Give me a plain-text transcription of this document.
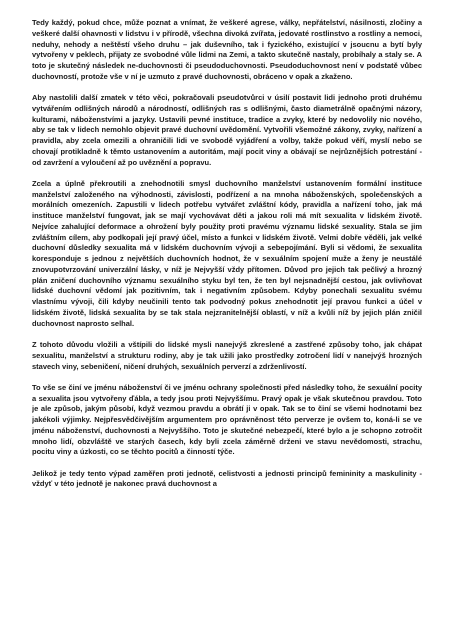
Tedy každý, pokud chce, může poznat a vnímat, že veškeré agrese, války, nepřátelství, násilnosti, zločiny a veškeré další ohavnosti v lidstvu i v přírodě, všechna divoká zvířata, jedovaté rostlinstvo a rostliny a nemoci, neduhy, nehody a neštěstí všeho druhu – jak duševního, tak i fyzického, existující v jsoucnu a bytí byly vytvořeny v peklech, přijaty ze svobodné vůle lidmi na Zemi, a takto skutečně nastaly, probíhaly a staly se. A toto je skutečný následek ne-duchovnosti či pseudoduchovnosti. Pseudoduchovnost není v podstatě vůbec duchovností, protože vše v ní je uzmuto z pravé duchovnosti, obráceno v opak a zkaženo.

Aby nastolili další zmatek v této věci, pokračovali pseudotvůrci v úsilí postavit lidi jednoho proti druhému vytvářením odlišných národů a národností, odlišných ras s odlišnými, často diametrálně opačnými názory, kulturami, náboženstvími a jazyky. Ustavili pevné instituce, tradice a zvyky, které by nedovolily nic nového, aby se tak v lidech nemohlo objevit pravé duchovní uvědomění. Vytvořili všemožné zákony, zvyky, nařízení a pravidla, aby zcela omezili a ohraničili lidi ve svobodě vyjádření a volby, takže pokud věří, myslí nebo se chovají protikladně k těmto ustanovením a autoritám, mají pocit viny a obávají se nejrůznějších potrestání - od zavržení a vyloučení až po uvěznění a popravu.

Zcela a úplně překroutili a znehodnotili smysl duchovního manželství ustanovením formální instituce manželství založeného na výhodnosti, závislosti, podřízení a na mnoha náboženských, společenských a morálních omezeních. Zapustili v lidech potřebu vytvářet zvláštní kódy, pravidla a nařízení toho, jak má instituce manželství fungovat, jak se mají vychovávat děti a jakou roli má mít sexualita v lidském životě. Nejvíce zahalující deformace a ohrožení byly použity proti pravému významu lidské sexuality. Stala se jim zvláštním cílem, aby podkopali její pravý účel, místo a funkci v lidském životě. Velmi dobře věděli, jak velké duchovní důsledky sexualita má v lidském duchovním vývoji a sebepojímání. Byli si vědomi, že sexualita koresponduje s jednou z největších duchovních hodnot, že v sexuálním spojení muže a ženy je neustálé znovupotvrzování univerzální lásky, v níž je Nejvyšší vždy přítomen. Důvod pro jejich tak pečlivý a hrozný plán zničení duchovního významu sexuálního styku byl ten, že ten byl nejsnadnější cestou, jak ovlivňovat lidské duchovní vědomí jak pozitivním, tak i negativním způsobem. Kdyby ponechali sexualitu svému vlastnímu vývoji, čili kdyby neučinili tento tak podvodný pokus znehodnotit její pravou funkci a účel v lidském životě, lidská sexualita by se tak stala nejzranitelnější oblastí, v níž a kvůli níž by jejich plán zničil duchovnost naprosto selhal.

Z tohoto důvodu vložili a vštípili do lidské mysli nanejvýš zkreslené a zastřené způsoby toho, jak chápat sexualitu, manželství a strukturu rodiny, aby je tak užili jako prostředky zotročení lidí v nanejvýš hrozných stavech viny, sebeničení, ničení druhých, sexuálních perverzí a zdrženlivostí.

To vše se činí ve jménu náboženství či ve jménu ochrany společnosti před následky toho, že sexuální pocity a sexualita jsou vytvořeny ďábla, a tedy jsou proti Nejvyššímu. Pravý opak je však skutečnou pravdou. Toto je ale způsob, jakým působí, když vezmou pravdu a obrátí ji v opak. Tak se to činí se všemi hodnotami bez jakékoli výjimky. Nejpřesvědčivějším argumentem pro oprávněnost této perverze je ovšem to, koná-li se ve jménu náboženství, duchovnosti a Nejvyššího. Toto je skutečné nebezpečí, které bylo a je schopno zotročit mnoho lidí, obzvláště ve starých časech, kdy byli zcela záměrně drženi ve stavu nevědomosti, strachu, pocitu viny a úzkosti, co se těchto pocitů a činností týče.

Jelikož je tedy tento výpad zaměřen proti jednotě, celistvosti a jednosti principů femininity a maskulinity - vždyť v této jednotě je nakonec pravá duchovnost a
